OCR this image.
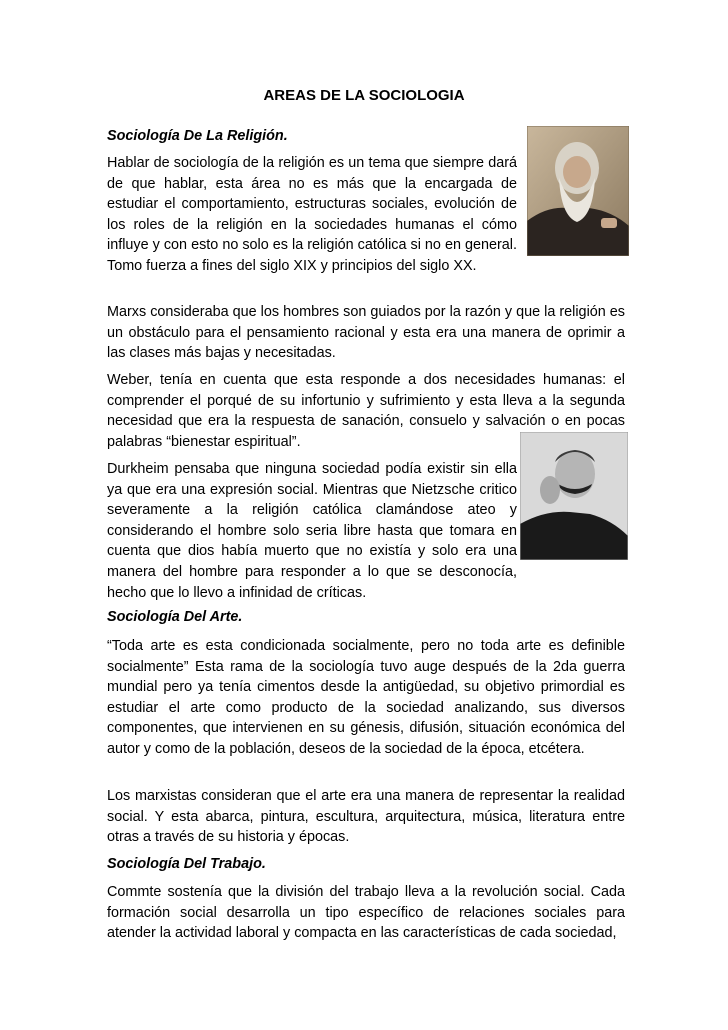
AREAS DE LA SOCIOLOGIA

Sociología De La Religión.

Hablar de sociología de la religión es un tema que siempre dará de que hablar, esta área no es más que la encargada de estudiar el comportamiento, estructuras sociales, evolución de los roles de la religión en la sociedades humanas el cómo influye y con esto no solo es la religión católica si no en general. Tomo fuerza a fines del siglo XIX y principios del siglo XX.

Marxs consideraba que los hombres son guiados por la razón y que la religión es un obstáculo para el pensamiento racional y esta era una manera de oprimir a las clases más bajas y necesitadas.

Weber, tenía en cuenta que esta responde a dos necesidades humanas: el comprender el porqué de su infortunio y sufrimiento y esta lleva a la segunda necesidad que era la respuesta de sanación, consuelo y salvación o en pocas palabras “bienestar espiritual”.

Durkheim pensaba que ninguna sociedad podía existir sin ella ya que era una expresión social. Mientras que Nietzsche critico severamente a la religión católica clamándose ateo y considerando el hombre solo seria libre hasta que tomara en cuenta que dios había muerto que no existía y solo era una manera del hombre para responder a lo que se desconocía, hecho que lo llevo a infinidad de críticas.

Sociología Del Arte.

“Toda arte es esta condicionada socialmente, pero no toda arte es definible socialmente” Esta rama de la sociología tuvo auge después de la 2da guerra mundial pero ya tenía cimentos desde la antigüedad, su objetivo primordial es estudiar el arte como producto de la sociedad analizando, sus diversos componentes, que intervienen en su génesis, difusión, situación económica del autor y como de la población, deseos de la sociedad de la época, etcétera.

Los marxistas consideran que el arte era una manera de representar la realidad social. Y esta abarca, pintura, escultura, arquitectura, música, literatura entre otras a través de su historia y épocas.

Sociología Del Trabajo.

Commte sostenía que la división del trabajo lleva a la revolución social. Cada formación social desarrolla un tipo específico de relaciones sociales para atender la actividad laboral y compacta en las características de cada sociedad,
